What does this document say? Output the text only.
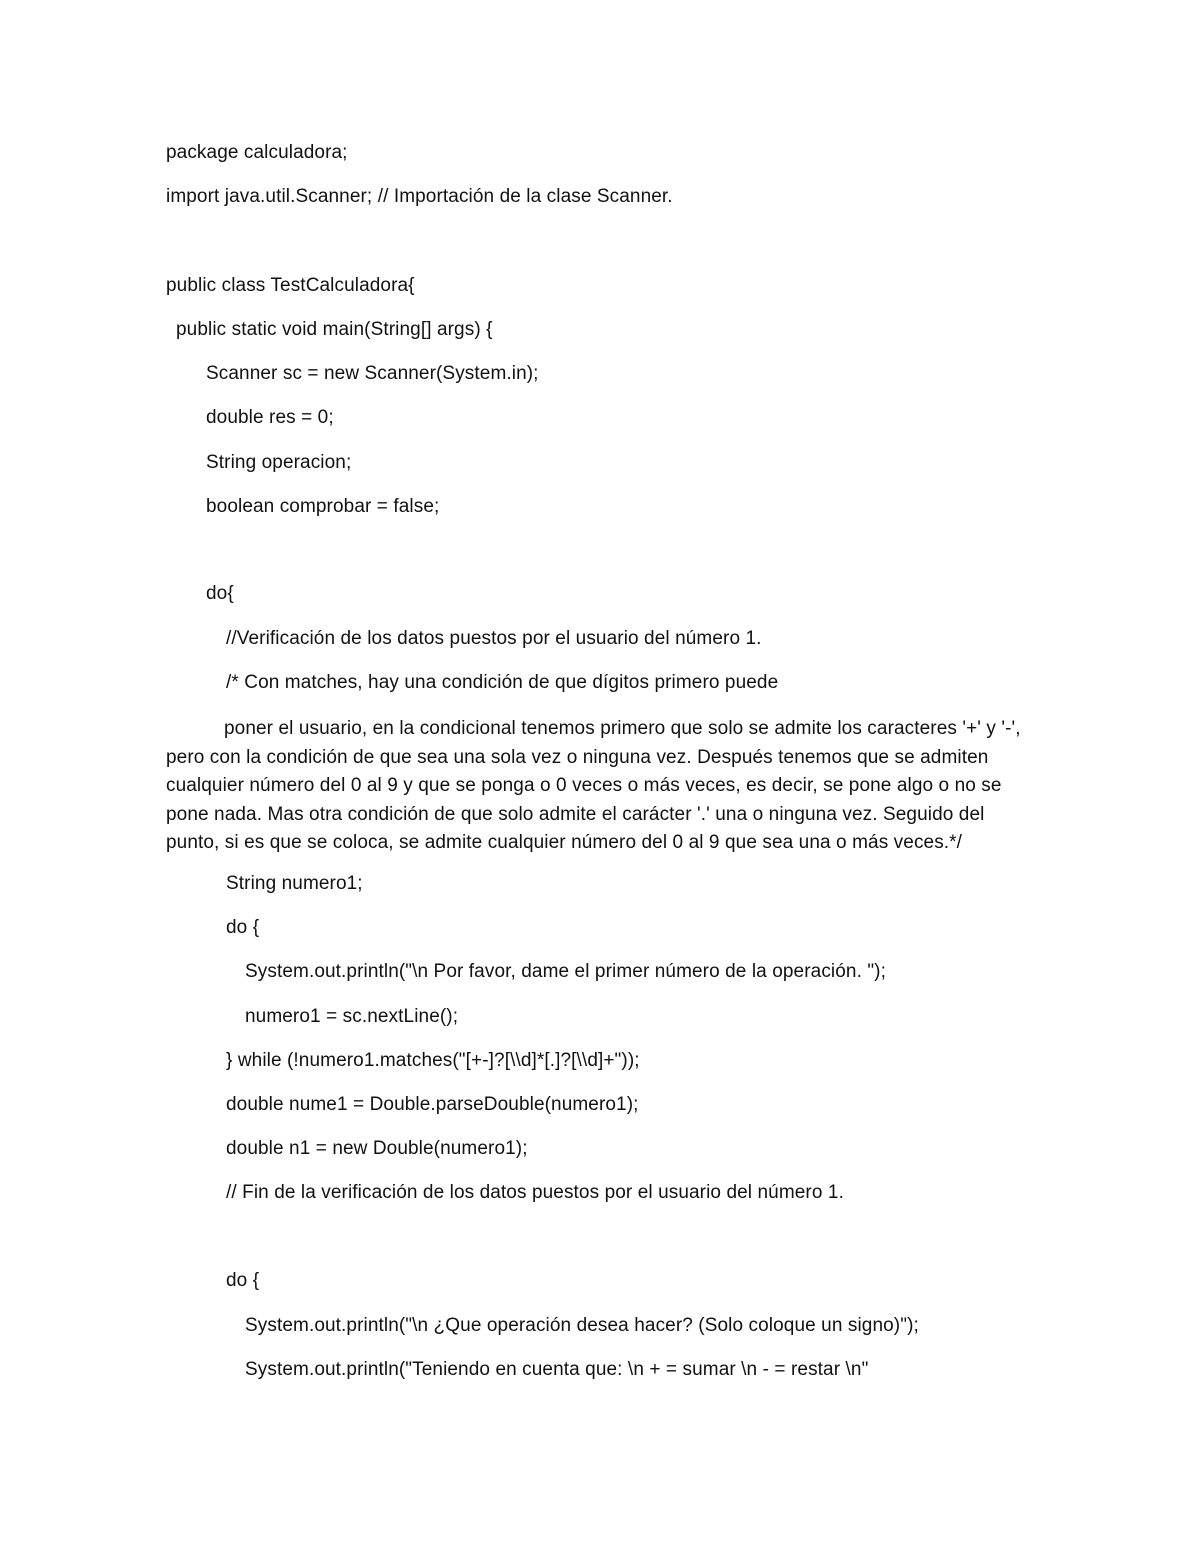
package calculadora;
import java.util.Scanner; // Importación de la clase Scanner.
public class TestCalculadora{
public static void main(String[] args) {
Scanner sc = new Scanner(System.in);
double res = 0;
String operacion;
boolean comprobar = false;
do{
//Verificación de los datos puestos por el usuario del número 1.
/* Con matches, hay una condición de que dígitos primero puede
poner el usuario, en la condicional tenemos primero que solo se admite los caracteres '+' y '-', pero con la condición de que sea una sola vez o ninguna vez. Después tenemos que se admiten cualquier número del 0 al 9 y que se ponga o 0 veces o más veces, es decir, se pone algo o no se pone nada. Mas otra condición de que solo admite el carácter '.' una o ninguna vez. Seguido del punto, si es que se coloca, se admite cualquier número del 0 al 9 que sea una o más veces.*/
String numero1;
do {
System.out.println("\n Por favor, dame el primer número de la operación. ");
numero1 = sc.nextLine();
} while (!numero1.matches("[+-]?[\\d]*[.]?[\\d]+"));
double nume1 = Double.parseDouble(numero1);
double n1 = new Double(numero1);
// Fin de la verificación de los datos puestos por el usuario del número 1.
do {
System.out.println("\n ¿Que operación desea hacer? (Solo coloque un signo)");
System.out.println("Teniendo en cuenta que: \n + = sumar \n - = restar \n"
